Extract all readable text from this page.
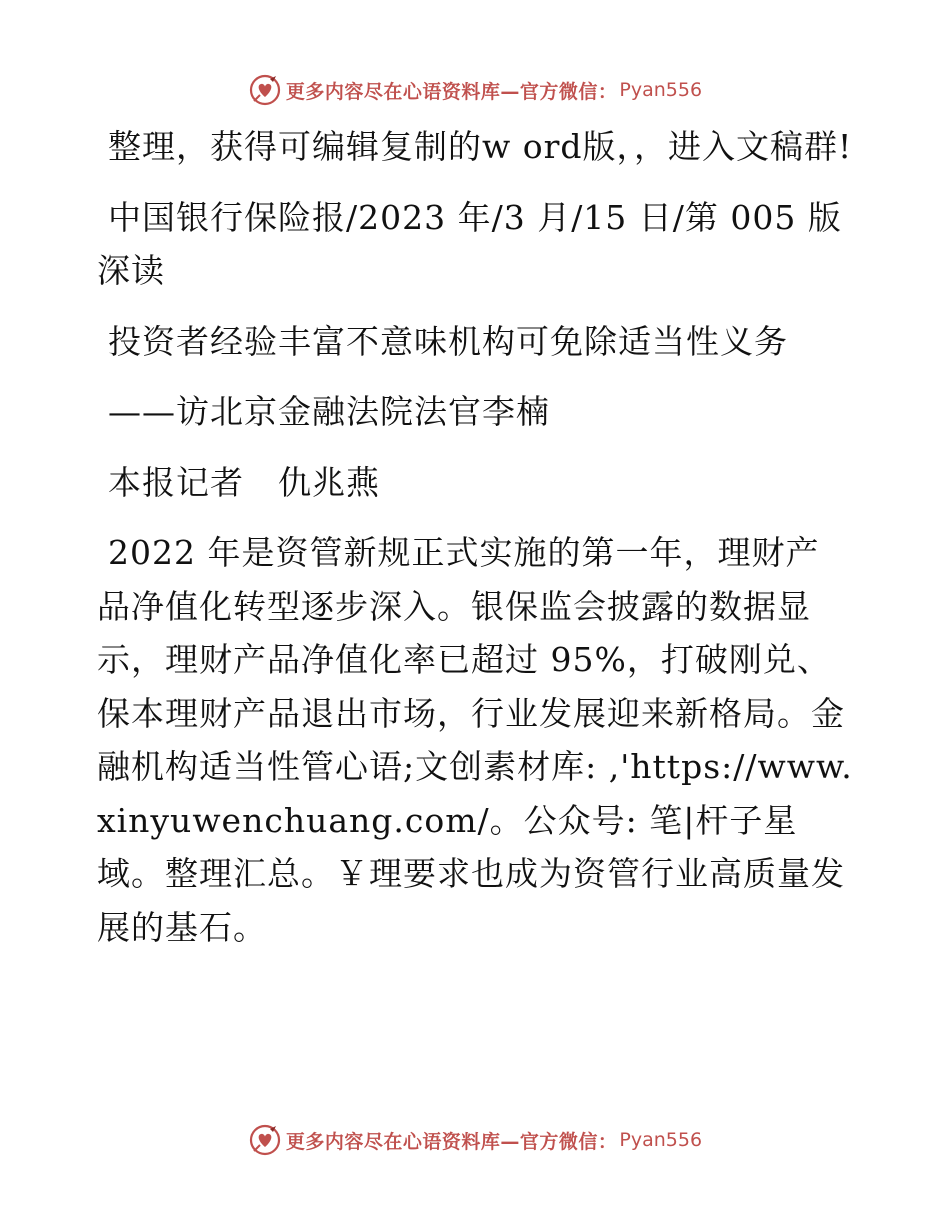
更多内容尽在心语资料库—官方微信： Pyan556

整理，获得可编辑复制的w ord版，，进入文稿群!

中国银行保险报/2023 年/3 月/15 日/第 005 版深读

投资者经验丰富不意味机构可免除适当性义务

——访北京金融法院法官李楠

本报记者　仇兆燕

2022 年是资管新规正式实施的第一年，理财产品净值化转型逐步深入。银保监会披露的数据显示，理财产品净值化率已超过 95%，打破刚兑、保本理财产品退出市场，行业发展迎来新格局。金融机构适当性管心语;文创素材库: ,'https://www.xinyuwenchuang.com/。公众号: 笔|杆子星域。整理汇总。￥理要求也成为资管行业高质量发展的基石。

更多内容尽在心语资料库—官方微信： Pyan556
